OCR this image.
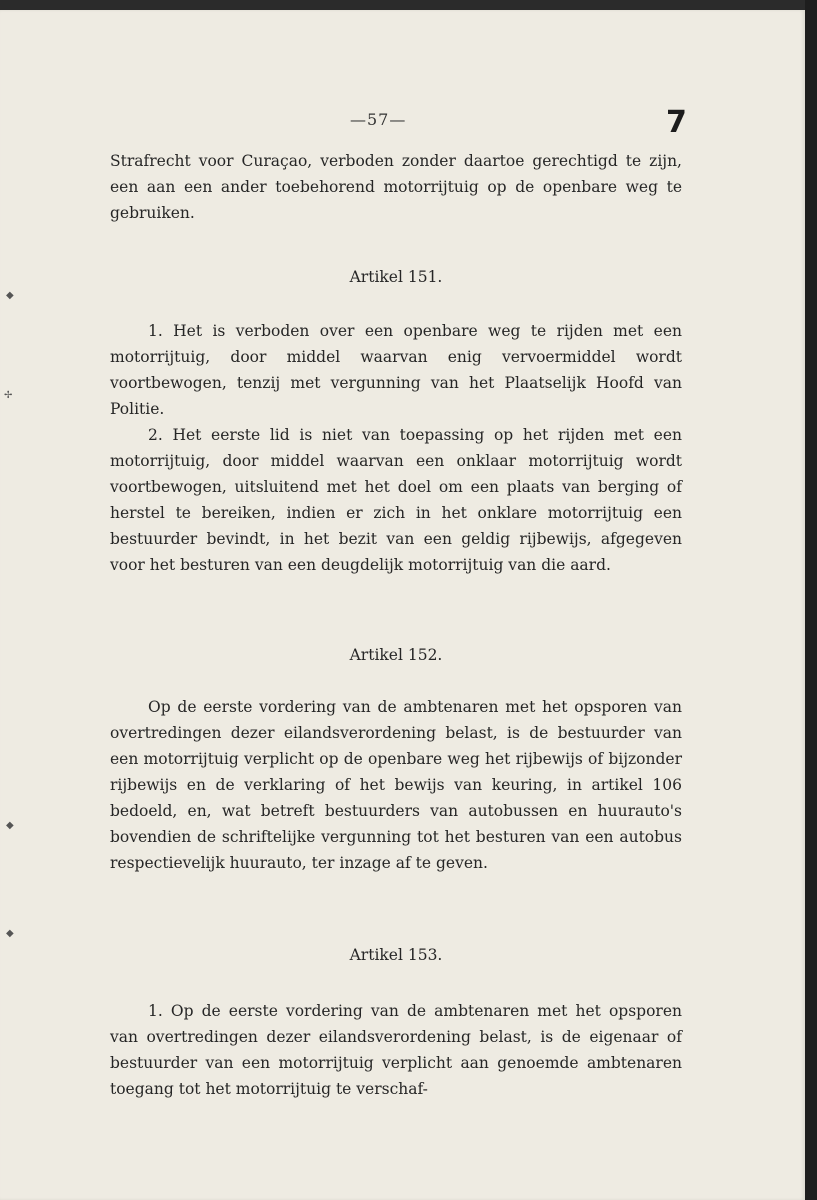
—57—	7

Strafrecht voor Curaçao, verboden zonder daartoe gerechtigd te zijn, een aan een ander toebehorend motorrijtuig op de openbare weg te gebruiken.

Artikel 151.

1. Het is verboden over een openbare weg te rijden met een motorrijtuig, door middel waarvan enig vervoermiddel wordt voortbewogen, tenzij met vergunning van het Plaatselijk Hoofd van Politie.

2. Het eerste lid is niet van toepassing op het rijden met een motorrijtuig, door middel waarvan een onklaar motorrijtuig wordt voortbewogen, uitsluitend met het doel om een plaats van berging of herstel te bereiken, indien er zich in het onklare motorrijtuig een bestuurder bevindt, in het bezit van een geldig rijbewijs, afgegeven voor het besturen van een deugdelijk motorrijtuig van die aard.

Artikel 152.

Op de eerste vordering van de ambtenaren met het opsporen van overtredingen dezer eilandsverordening belast, is de bestuurder van een motorrijtuig verplicht op de openbare weg het rijbewijs of bijzonder rijbewijs en de verklaring of het bewijs van keuring, in artikel 106 bedoeld, en, wat betreft bestuurders van autobussen en huurauto's bovendien de schriftelijke vergunning tot het besturen van een autobus respectievelijk huurauto, ter inzage af te geven.

Artikel 153.

1. Op de eerste vordering van de ambtenaren met het opsporen van overtredingen dezer eilandsverordening belast, is de eigenaar of bestuurder van een motorrijtuig verplicht aan genoemde ambtenaren toegang tot het motorrijtuig te verschaf-

◆
✢
◆
◆
